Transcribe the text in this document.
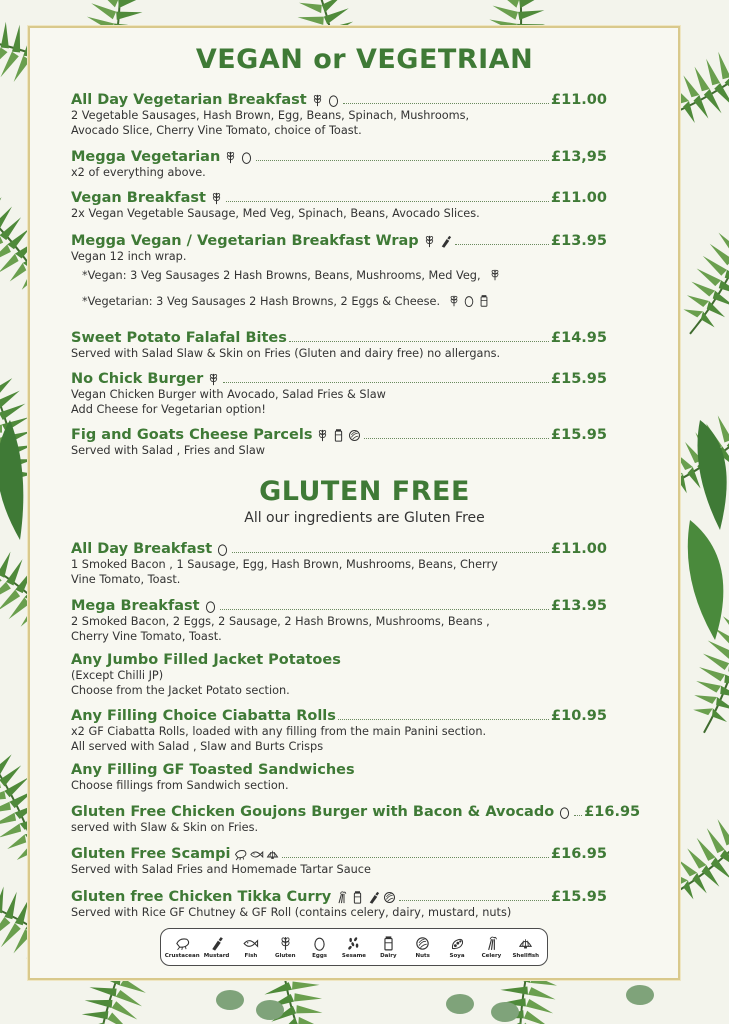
VEGAN or VEGETRIAN
GLUTEN FREE
All our ingredients are Gluten Free
All Day Vegetarian Breakfast	£11.00
2 Vegetable Sausages, Hash Brown, Egg, Beans, Spinach, Mushrooms,
Avocado Slice, Cherry Vine Tomato, choice of Toast.
Megga Vegetarian	£13,95
x2 of everything above.
Vegan Breakfast	£11.00
2x Vegan Vegetable Sausage, Med Veg, Spinach, Beans, Avocado Slices.
Megga Vegan / Vegetarian Breakfast Wrap	£13.95
Vegan 12 inch wrap.
Sweet Potato Falafal Bites	£14.95
Served with Salad Slaw & Skin on Fries (Gluten and dairy free) no allergans.
No Chick Burger	£15.95
Vegan Chicken Burger with Avocado, Salad Fries & Slaw
Add Cheese for Vegetarian option!
Fig and Goats Cheese Parcels	£15.95
Served with Salad , Fries and Slaw
All Day Breakfast	£11.00
1 Smoked Bacon , 1 Sausage, Egg, Hash Brown, Mushrooms, Beans, Cherry
Vine Tomato, Toast.
Mega Breakfast	£13.95
2 Smoked Bacon, 2 Eggs, 2 Sausage, 2 Hash Browns, Mushrooms, Beans ,
Cherry Vine Tomato, Toast.
Any Jumbo Filled Jacket Potatoes
(Except Chilli JP)
Choose from the Jacket Potato section.
Any Filling Choice Ciabatta Rolls	£10.95
x2 GF Ciabatta Rolls, loaded with any filling from the main Panini section.
All served with Salad , Slaw and Burts Crisps
Any Filling GF Toasted Sandwiches
Choose fillings from Sandwich section.
Gluten Free Chicken Goujons Burger with Bacon & Avocado £16.95
served with Slaw & Skin on Fries.
Gluten Free Scampi	£16.95
Served with Salad Fries and Homemade Tartar Sauce
Gluten free Chicken Tikka Curry	£15.95
Served with Rice GF Chutney & GF Roll (contains celery, dairy, mustard, nuts)
*Vegan: 3 Veg Sausages 2 Hash Browns, Beans, Mushrooms, Med Veg,
*Vegetarian: 3 Veg Sausages 2 Hash Browns, 2 Eggs & Cheese.
Crustacean Mustard	Fish	Gluten	Eggs	Sesame	Dairy	Nuts	Soya	Celery Shellfish
